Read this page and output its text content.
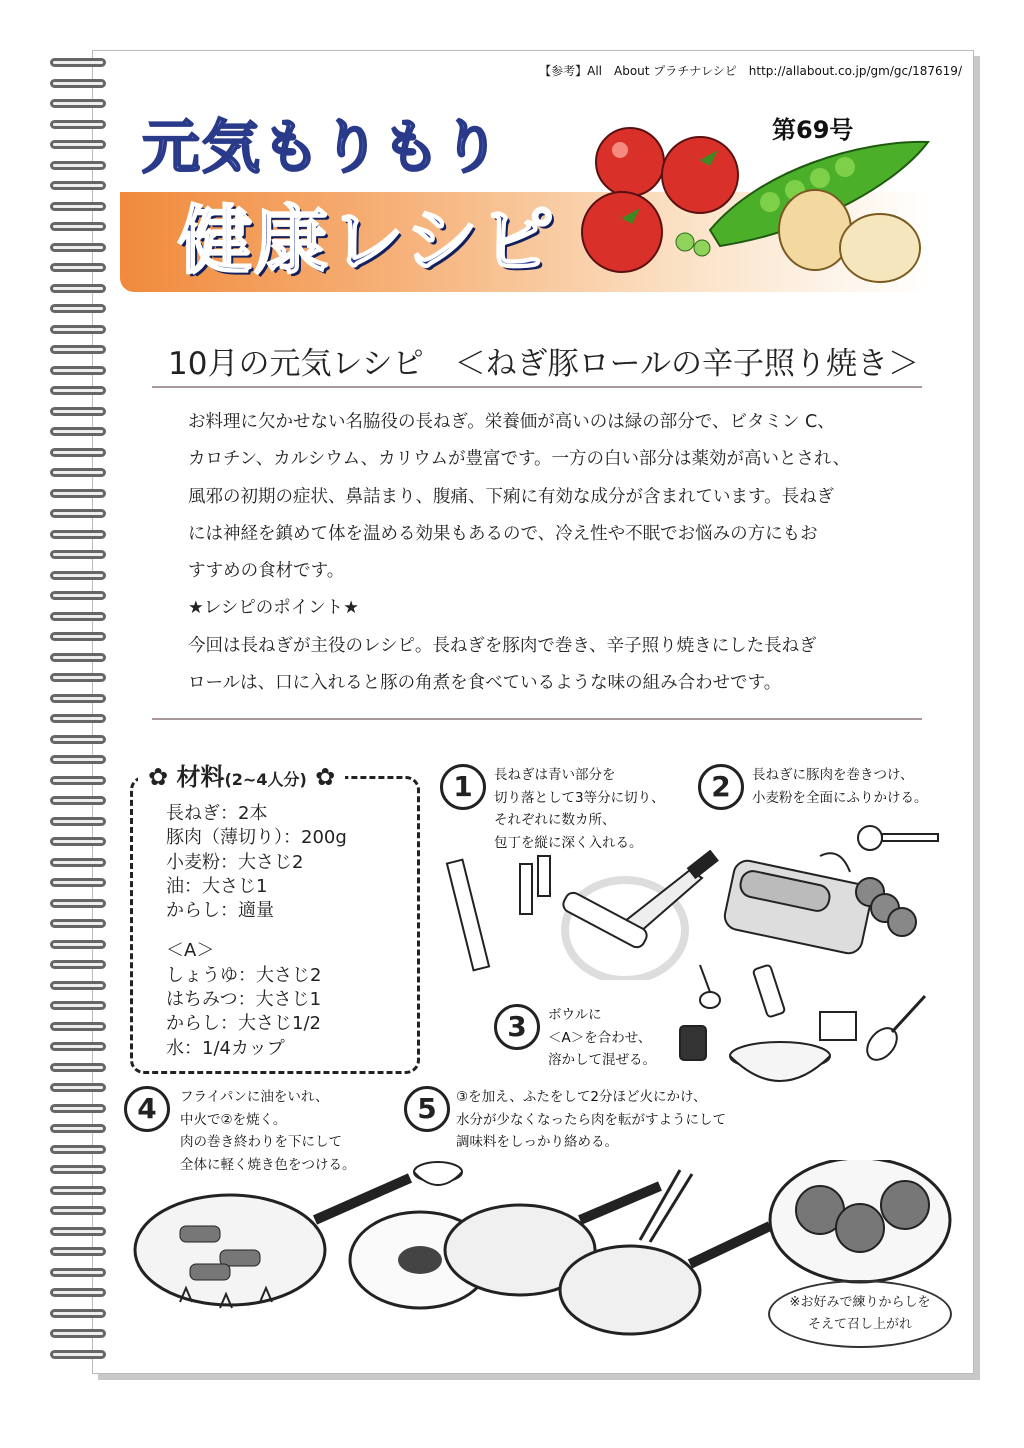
【参考】All　About プラチナレシピ　http://allabout.co.jp/gm/gc/187619/
元気もりもり
健康レシピ
第69号
10月の元気レシピ　＜ねぎ豚ロールの辛子照り焼き＞
お料理に欠かせない名脇役の長ねぎ。栄養価が高いのは緑の部分で、ビタミン C、
カロチン、カルシウム、カリウムが豊富です。一方の白い部分は薬効が高いとされ、
風邪の初期の症状、鼻詰まり、腹痛、下痢に有効な成分が含まれています。長ねぎ
には神経を鎮めて体を温める効果もあるので、冷え性や不眠でお悩みの方にもお
すすめの食材です。
★レシピのポイント★
今回は長ねぎが主役のレシピ。長ねぎを豚肉で巻き、辛子照り焼きにした長ねぎ
ロールは、口に入れると豚の角煮を食べているような味の組み合わせです。
✿ 材料(2~4人分) ✿
長ねぎ：2本
豚肉（薄切り）：200g
小麦粉：大さじ2
油：大さじ1
からし：適量
＜A＞
しょうゆ：大さじ2
はちみつ：大さじ1
からし：大さじ1/2
水：1/4カップ
1	長ねぎは青い部分を
切り落として3等分に切り、
それぞれに数カ所、
包丁を縦に深く入れる。
2	長ねぎに豚肉を巻きつけ、
小麦粉を全面にふりかける。
3	ボウルに
＜A＞を合わせ、
溶かして混ぜる。
4	フライパンに油をいれ、
中火で②を焼く。
肉の巻き終わりを下にして
全体に軽く焼き色をつける。
5	③を加え、ふたをして2分ほど火にかけ、
水分が少なくなったら肉を転がすようにして
調味料をしっかり絡める。
※お好みで練りからしを
そえて召し上がれ
